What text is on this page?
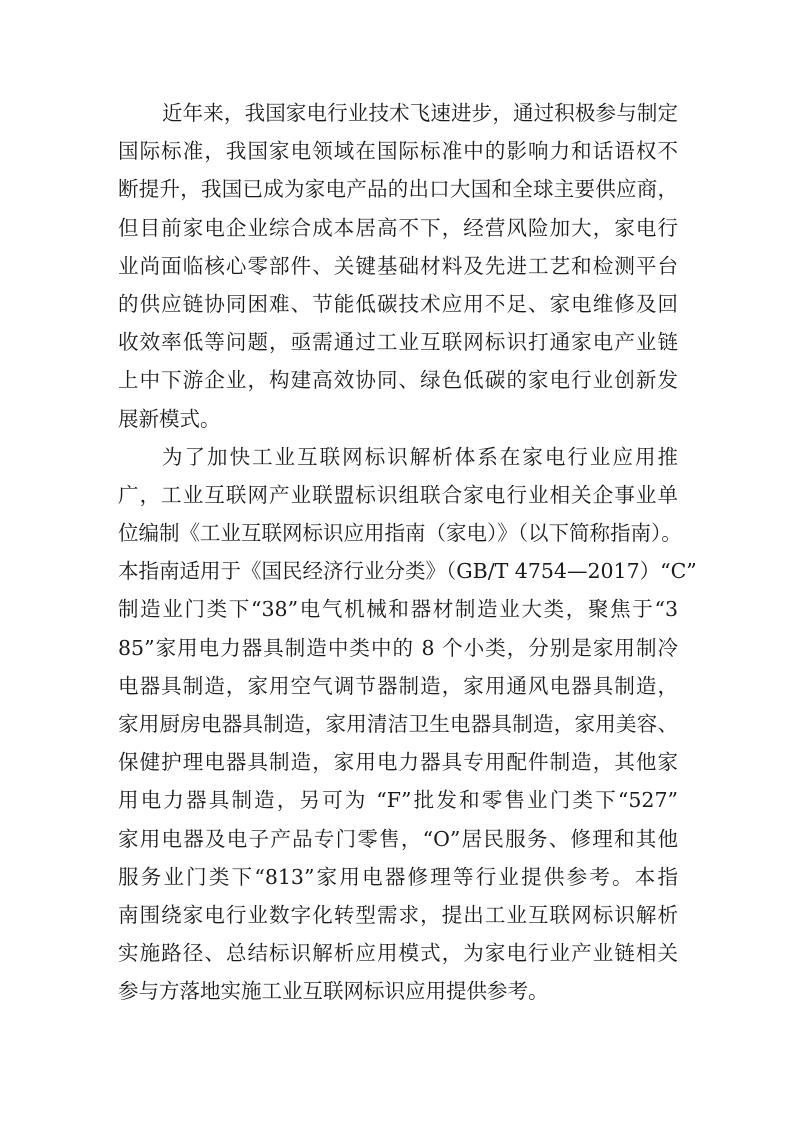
近年来，我国家电行业技术飞速进步，通过积极参与制定
国际标准，我国家电领域在国际标准中的影响力和话语权不
断提升，我国已成为家电产品的出口大国和全球主要供应商，
但目前家电企业综合成本居高不下，经营风险加大，家电行
业尚面临核心零部件、关键基础材料及先进工艺和检测平台
的供应链协同困难、节能低碳技术应用不足、家电维修及回
收效率低等问题，亟需通过工业互联网标识打通家电产业链
上中下游企业，构建高效协同、绿色低碳的家电行业创新发
展新模式。
为了加快工业互联网标识解析体系在家电行业应用推
广，工业互联网产业联盟标识组联合家电行业相关企事业单
位编制《工业互联网标识应用指南（家电）》（以下简称指南）。
本指南适用于《国民经济行业分类》（GB/T 4754—2017）“C”
制造业门类下“38”电气机械和器材制造业大类，聚焦于“3
85”家用电力器具制造中类中的 8 个小类，分别是家用制冷
电器具制造，家用空气调节器制造，家用通风电器具制造，
家用厨房电器具制造，家用清洁卫生电器具制造，家用美容、
保健护理电器具制造，家用电力器具专用配件制造，其他家
用电力器具制造，另可为 “F”批发和零售业门类下“527”
家用电器及电子产品专门零售，“O”居民服务、修理和其他
服务业门类下“813”家用电器修理等行业提供参考。本指
南围绕家电行业数字化转型需求，提出工业互联网标识解析
实施路径、总结标识解析应用模式，为家电行业产业链相关
参与方落地实施工业互联网标识应用提供参考。
